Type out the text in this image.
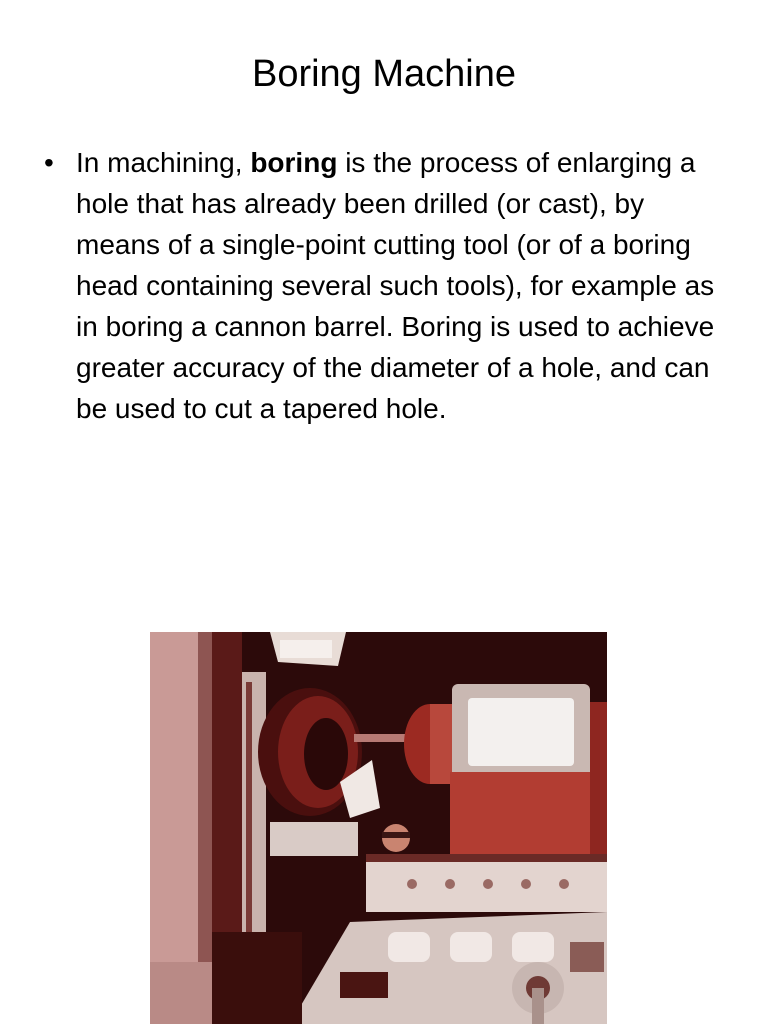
Boring Machine
• In machining, boring is the process of enlarging a hole that has already been drilled (or cast), by means of a single-point cutting tool (or of a boring head containing several such tools), for example as in boring a cannon barrel. Boring is used to achieve greater accuracy of the diameter of a hole, and can be used to cut a tapered hole.
